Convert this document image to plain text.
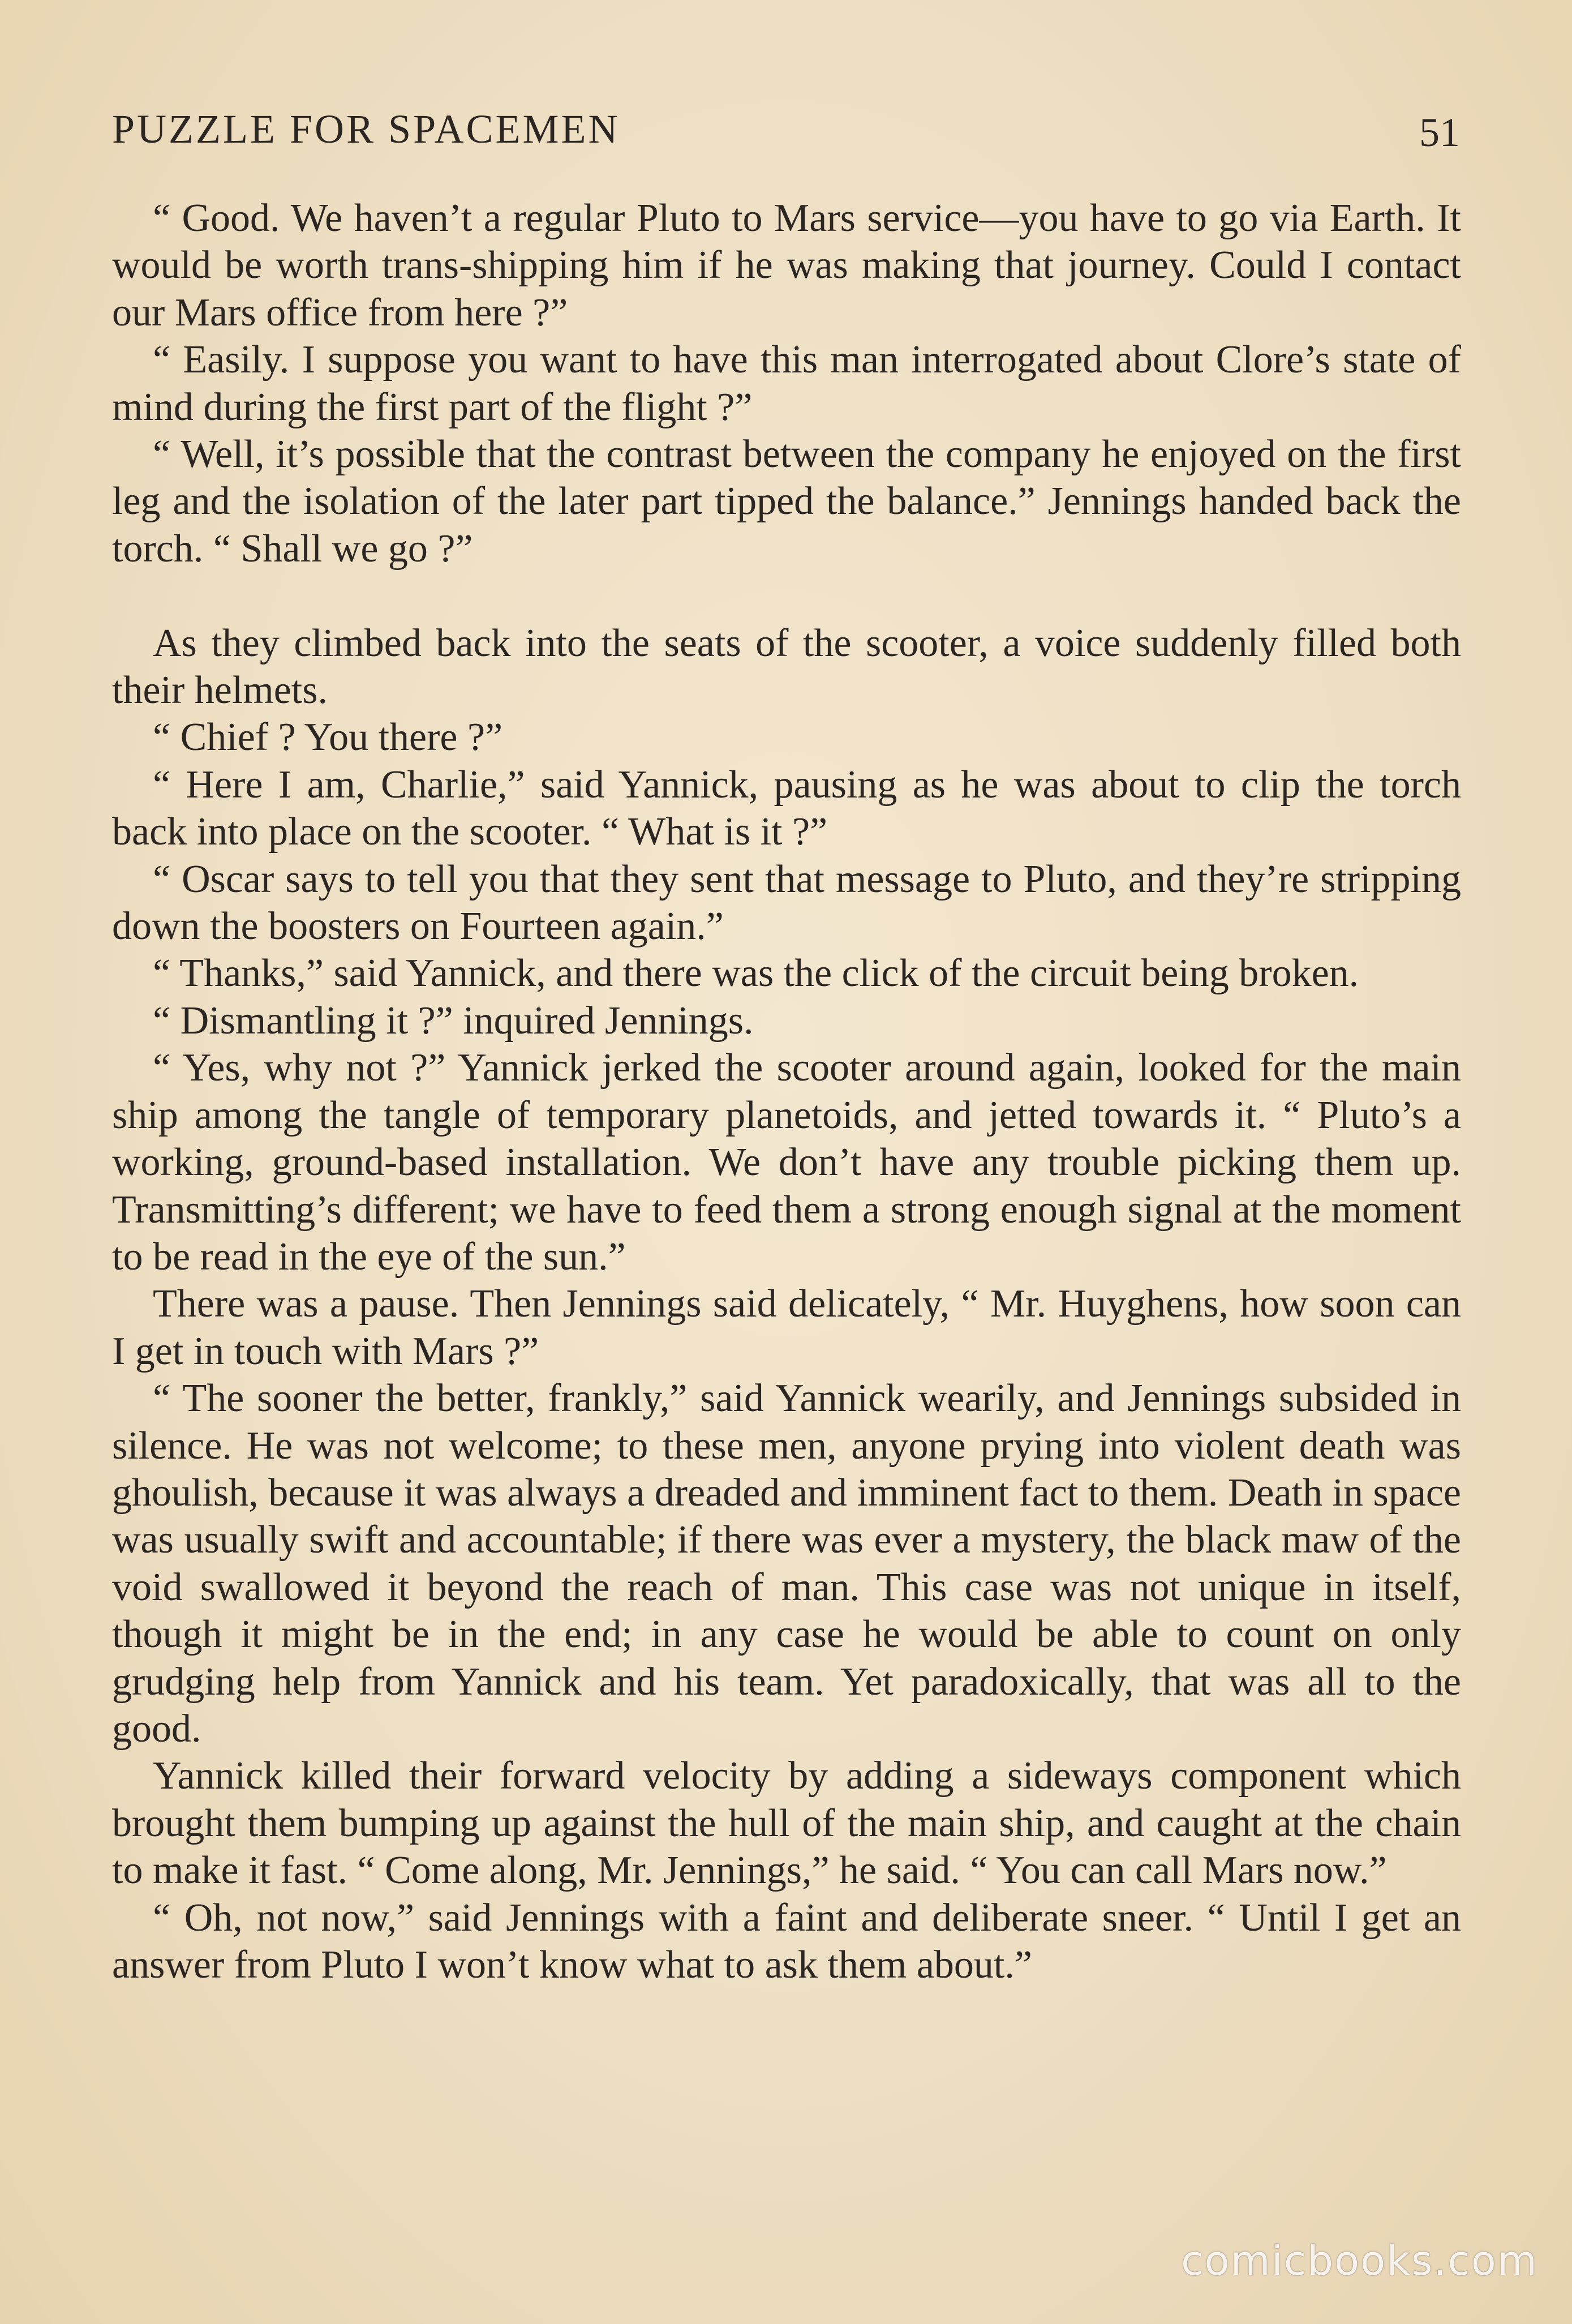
PUZZLE FOR SPACEMEN	51

“ Good. We haven’t a regular Pluto to Mars service—you have to go via Earth. It would be worth trans-shipping him if he was making that journey. Could I contact our Mars office from here ?”

“ Easily. I suppose you want to have this man interrogated about Clore’s state of mind during the first part of the flight ?”

“ Well, it’s possible that the contrast between the company he enjoyed on the first leg and the isolation of the later part tipped the balance.” Jennings handed back the torch. “ Shall we go ?”

As they climbed back into the seats of the scooter, a voice suddenly filled both their helmets.

“ Chief ? You there ?”

“ Here I am, Charlie,” said Yannick, pausing as he was about to clip the torch back into place on the scooter. “ What is it ?”

“ Oscar says to tell you that they sent that message to Pluto, and they’re stripping down the boosters on Fourteen again.”

“ Thanks,” said Yannick, and there was the click of the circuit being broken.

“ Dismantling it ?” inquired Jennings.

“ Yes, why not ?” Yannick jerked the scooter around again, looked for the main ship among the tangle of temporary planetoids, and jetted towards it. “ Pluto’s a working, ground-based installation. We don’t have any trouble picking them up. Transmitting’s different; we have to feed them a strong enough signal at the moment to be read in the eye of the sun.”

There was a pause. Then Jennings said delicately, “ Mr. Huyghens, how soon can I get in touch with Mars ?”

“ The sooner the better, frankly,” said Yannick wearily, and Jennings subsided in silence. He was not welcome; to these men, anyone prying into violent death was ghoulish, because it was always a dreaded and imminent fact to them. Death in space was usually swift and accountable; if there was ever a mystery, the black maw of the void swallowed it beyond the reach of man. This case was not unique in itself, though it might be in the end; in any case he would be able to count on only grudging help from Yannick and his team. Yet paradoxically, that was all to the good.

Yannick killed their forward velocity by adding a sideways component which brought them bumping up against the hull of the main ship, and caught at the chain to make it fast. “ Come along, Mr. Jennings,” he said. “ You can call Mars now.”

“ Oh, not now,” said Jennings with a faint and deliberate sneer. “ Until I get an answer from Pluto I won’t know what to ask them about.”

comicbooks.com
